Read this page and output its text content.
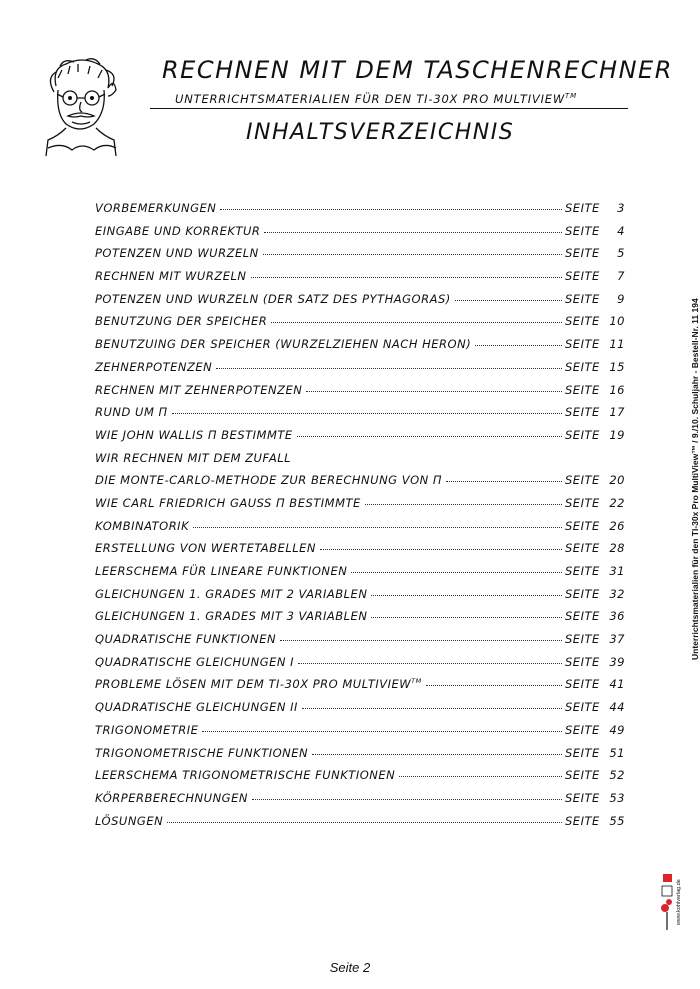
RECHNEN MIT DEM TASCHENRECHNER
UNTERRICHTSMATERIALIEN FÜR DEN TI-30X PRO MULTIVIEW™
INHALTSVERZEICHNIS
VORBEMERKUNGEN	SEITE	3
EINGABE UND KORREKTUR	SEITE	4
POTENZEN UND WURZELN	SEITE	5
RECHNEN MIT WURZELN	SEITE	7
POTENZEN UND WURZELN (DER SATZ DES PYTHAGORAS)	SEITE	9
BENUTZUNG DER SPEICHER	SEITE 10
BENUTZUING DER SPEICHER (WURZELZIEHEN NACH HERON)	SEITE 11
ZEHNERPOTENZEN	SEITE 15
RECHNEN MIT ZEHNERPOTENZEN	SEITE 16
RUND UM Π	SEITE 17
WIE JOHN WALLIS Π BESTIMMTE	SEITE 19
WIR RECHNEN MIT DEM ZUFALL
DIE MONTE-CARLO-METHODE ZUR BERECHNUNG VON Π	SEITE 20
WIE CARL FRIEDRICH GAUSS Π BESTIMMTE	SEITE 22
KOMBINATORIK	SEITE 26
ERSTELLUNG VON WERTETABELLEN	SEITE 28
LEERSCHEMA FÜR LINEARE FUNKTIONEN	SEITE 31
GLEICHUNGEN 1. GRADES MIT 2 VARIABLEN	SEITE 32
GLEICHUNGEN 1. GRADES MIT 3 VARIABLEN	SEITE 36
QUADRATISCHE FUNKTIONEN	SEITE 37
QUADRATISCHE GLEICHUNGEN I	SEITE 39
PROBLEME LÖSEN MIT DEM TI-30X PRO MULTIVIEW™	SEITE 41
QUADRATISCHE GLEICHUNGEN II	SEITE 44
TRIGONOMETRIE	SEITE 49
TRIGONOMETRISCHE FUNKTIONEN	SEITE 51
LEERSCHEMA TRIGONOMETRISCHE FUNKTIONEN	SEITE 52
KÖRPERBERECHNUNGEN	SEITE 53
LÖSUNGEN	SEITE 55
Seite 2
www.kohlverlag.de
Unterrichtsmaterialien für den TI-30x Pro MultiView™ / 9./10. Schuljahr - Bestell-Nr. 11 194
